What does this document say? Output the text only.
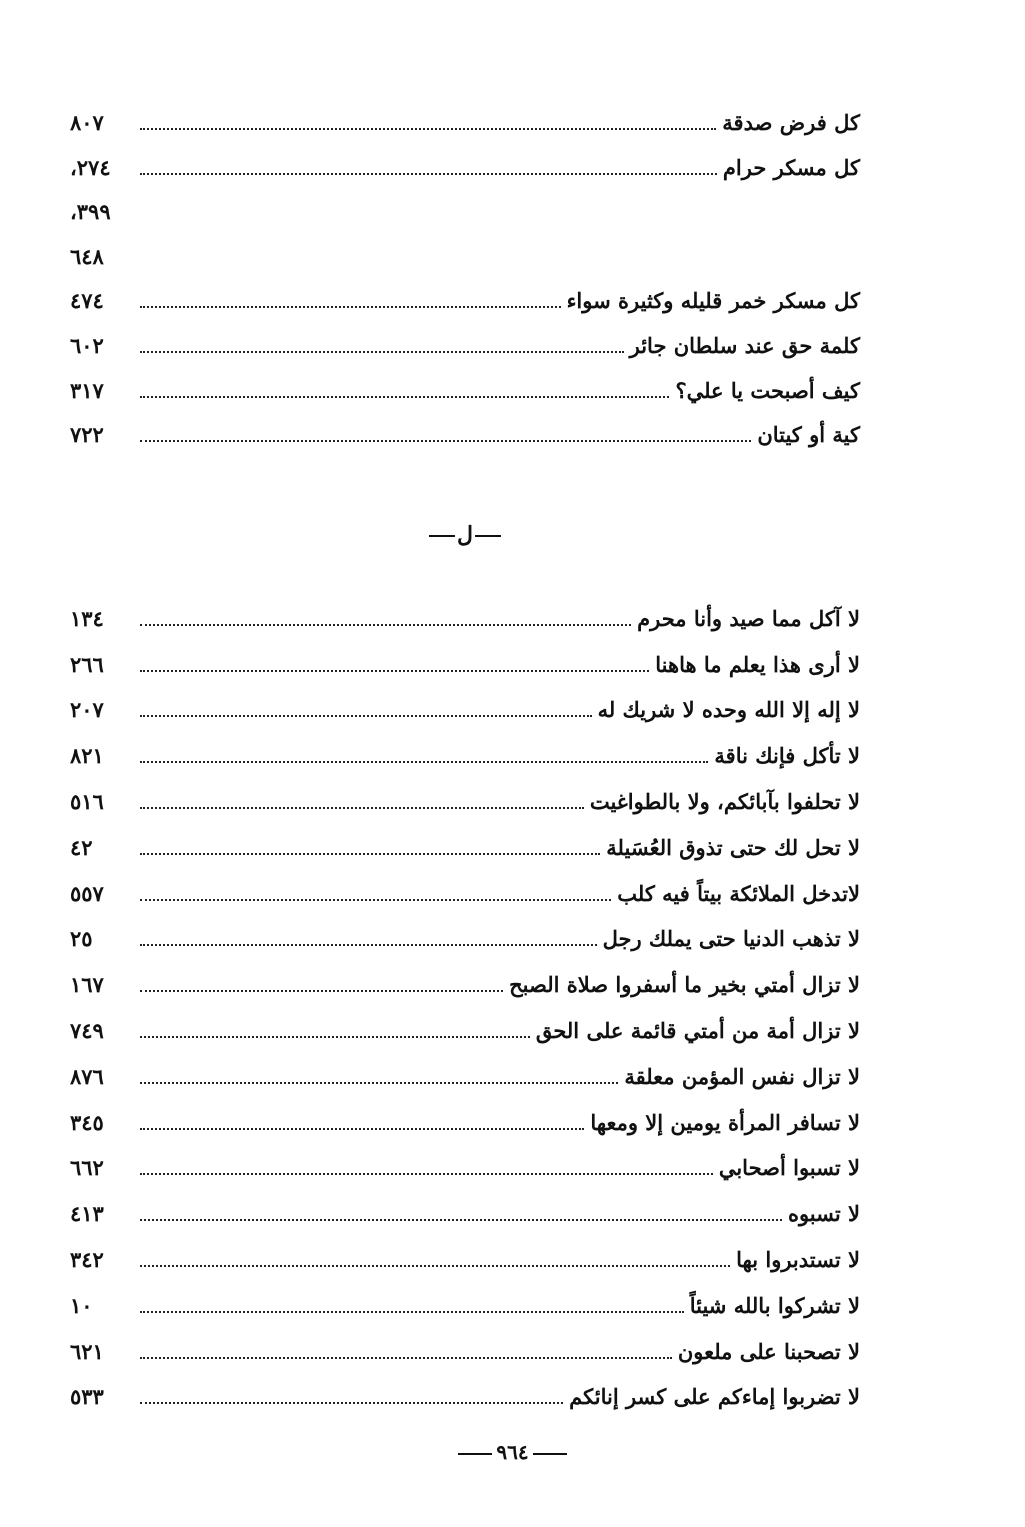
كل فرض صدقة
٨٠٧
كل مسكر حرام
٢٧٤،
٣٩٩،
٦٤٨
كل مسكر خمر قليله وكثيرة سواء
٤٧٤
كلمة حق عند سلطان جائر
٦٠٢
كيف أصبحت يا علي؟
٣١٧
كية أو كيتان
٧٢٢
ل
لا آكل مما صيد وأنا محرم
١٣٤
لا أرى هذا يعلم ما هاهنا
٢٦٦
لا إله إلا الله وحده لا شريك له
٢٠٧
لا تأكل فإنك ناقة
٨٢١
لا تحلفوا بآبائكم، ولا بالطواغيت
٥١٦
لا تحل لك حتى تذوق العُسَيلة
٤٢
لاتدخل الملائكة بيتاً فيه كلب
٥٥٧
لا تذهب الدنيا حتى يملك رجل
٢٥
لا تزال أمتي بخير ما أسفروا صلاة الصبح
١٦٧
لا تزال أمة من أمتي قائمة على الحق
٧٤٩
لا تزال نفس المؤمن معلقة
٨٧٦
لا تسافر المرأة يومين إلا ومعها
٣٤٥
لا تسبوا أصحابي
٦٦٢
لا تسبوه
٤١٣
لا تستدبروا بها
٣٤٢
لا تشركوا بالله شيئاً
١٠
لا تصحبنا على ملعون
٦٢١
لا تضربوا إماءكم على كسر إنائكم
٥٣٣
٩٦٤
